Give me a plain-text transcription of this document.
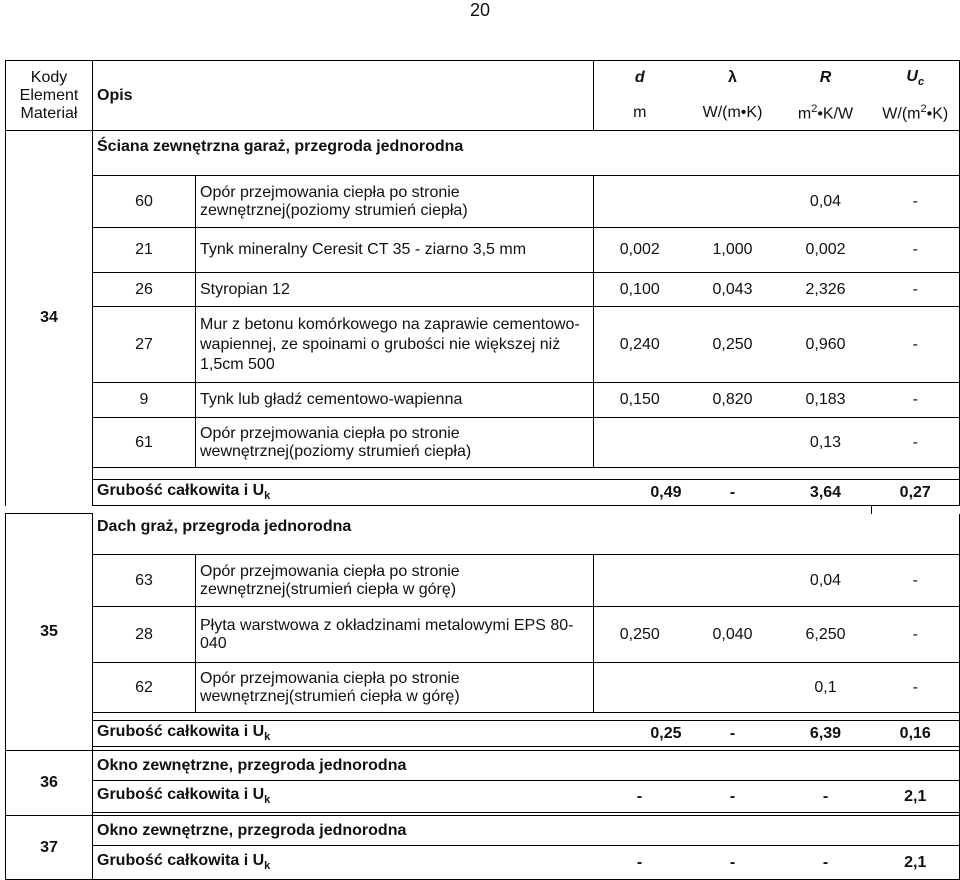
20
Kody Element Materiał	Opis		d	λ	R	$U_c$
			m	W/(m•K)	$m^2•K/W$	$W/(m^2•K)$
34	Ściana zewnętrzna garaż, przegroda jednorodna					

	60	Opór przejmowania ciepła po stronie zewnętrznej(poziomy strumień ciepła)			0,04	-
	21	Tynk mineralny Ceresit CT 35 - ziarno 3,5 mm	0,002	1,000	0,002	-
	26	Styropian 12	0,100	0,043	2,326	-
	27	Mur z betonu komórkowego na zaprawie cementowo-wapiennej, ze spoinami o grubości nie większej niż 1,5cm 500	0,240	0,250	0,960	-
	9	Tynk lub gładź cementowo-wapienna	0,150	0,820	0,183	-
	61	Opór przejmowania ciepła po stronie wewnętrznej(poziomy strumień ciepła)			0,13	-

	Grubość całkowita i $U_k$		0,49	-	3,64	0,27

35	Dach graż, przegroda jednorodna					

	63	Opór przejmowania ciepła po stronie zewnętrznej(strumień ciepła w górę)			0,04	-
	28	Płyta warstwowa z okładzinami metalowymi EPS 80-040	0,250	0,040	6,250	-
	62	Opór przejmowania ciepła po stronie wewnętrznej(strumień ciepła w górę)			0,1	-

	Grubość całkowita i $U_k$		0,25	-	6,39	0,16

36	Okno zewnętrzne, przegroda jednorodna					
	Grubość całkowita i $U_k$		-	-	-	2,1

37	Okno zewnętrzne, przegroda jednorodna					
	Grubość całkowita i $U_k$		-	-	-	2,1
